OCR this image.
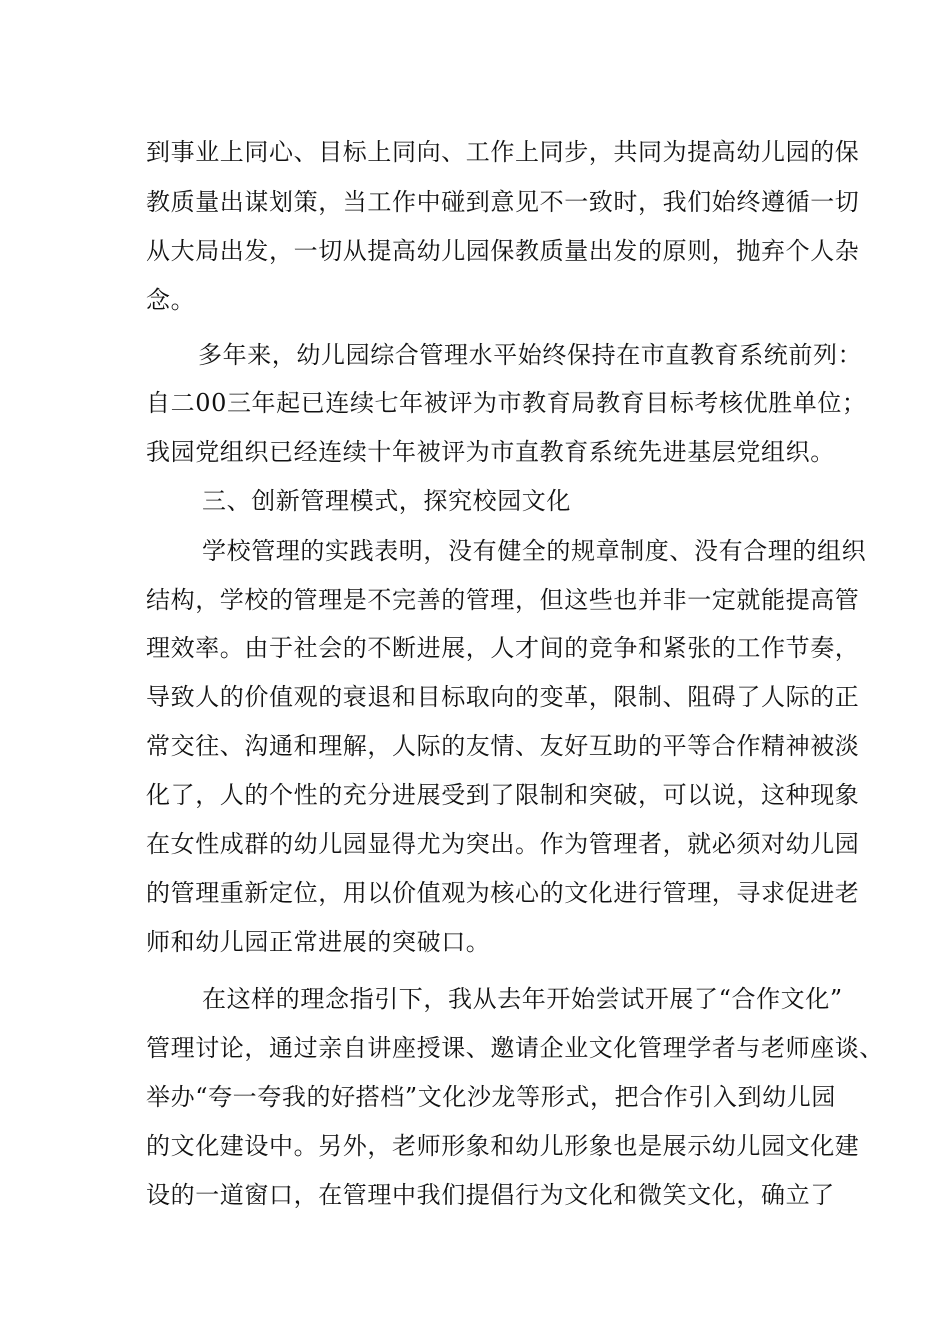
到事业上同心、目标上同向、工作上同步，共同为提高幼儿园的保
教质量出谋划策，当工作中碰到意见不一致时，我们始终遵循一切
从大局出发，一切从提高幼儿园保教质量出发的原则，抛弃个人杂
念。
多年来，幼儿园综合管理水平始终保持在市直教育系统前列：
自二00三年起已连续七年被评为市教育局教育目标考核优胜单位；
我园党组织已经连续十年被评为市直教育系统先进基层党组织。
三、创新管理模式，探究校园文化
学校管理的实践表明，没有健全的规章制度、没有合理的组织
结构，学校的管理是不完善的管理，但这些也并非一定就能提高管
理效率。由于社会的不断进展，人才间的竞争和紧张的工作节奏，
导致人的价值观的衰退和目标取向的变革，限制、阻碍了人际的正
常交往、沟通和理解，人际的友情、友好互助的平等合作精神被淡
化了，人的个性的充分进展受到了限制和突破，可以说，这种现象
在女性成群的幼儿园显得尤为突出。作为管理者，就必须对幼儿园
的管理重新定位，用以价值观为核心的文化进行管理，寻求促进老
师和幼儿园正常进展的突破口。
在这样的理念指引下，我从去年开始尝试开展了“合作文化”
管理讨论，通过亲自讲座授课、邀请企业文化管理学者与老师座谈、
举办“夸一夸我的好搭档”文化沙龙等形式，把合作引入到幼儿园
的文化建设中。另外，老师形象和幼儿形象也是展示幼儿园文化建
设的一道窗口，在管理中我们提倡行为文化和微笑文化，确立了
